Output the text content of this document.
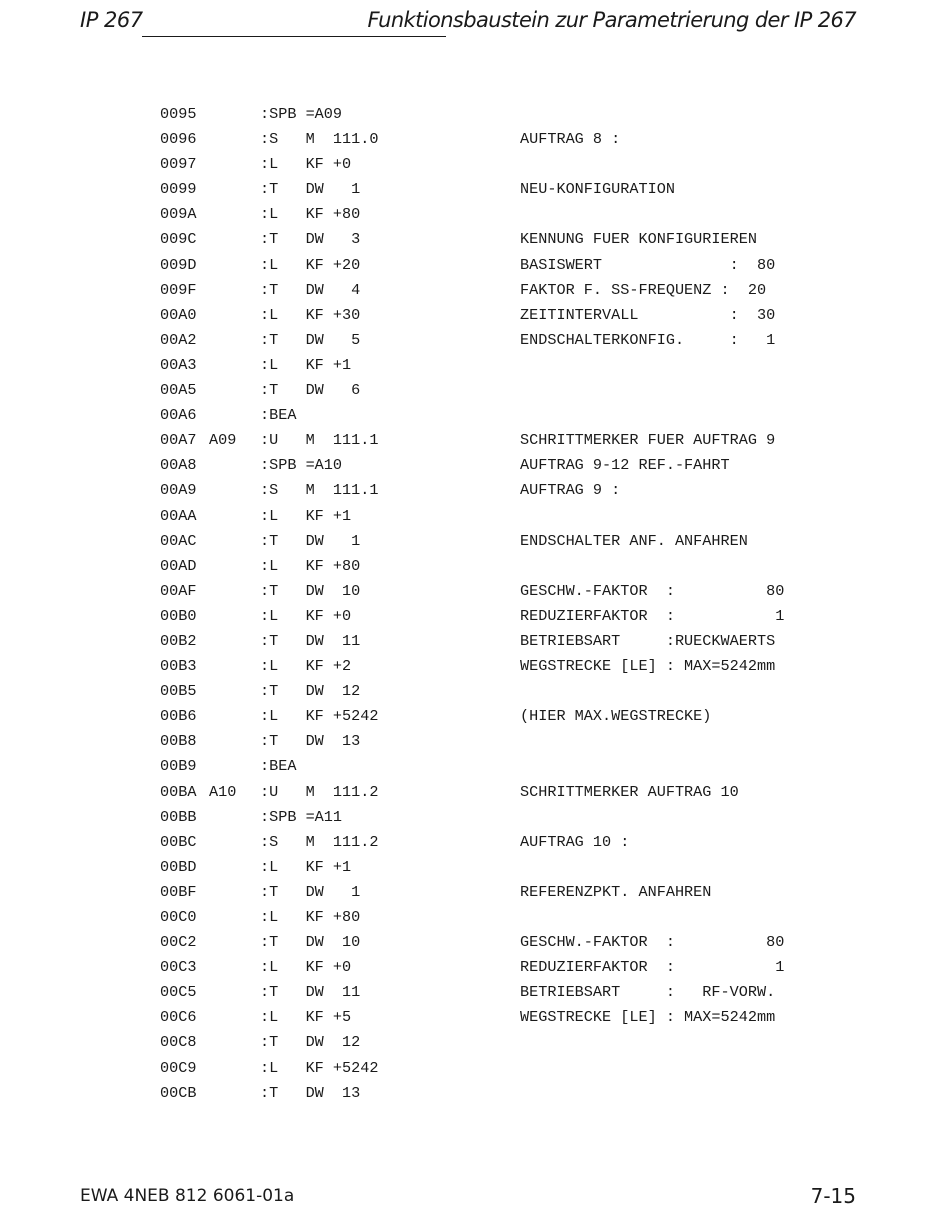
IP 267	Funktionsbaustein zur Parametrierung der IP 267
0095	:SPB =A09
0096	:S   M  111.0	AUFTRAG 8 :
0097	:L   KF +0
0099	:T   DW   1	NEU-KONFIGURATION
009A	:L   KF +80
009C	:T   DW   3	KENNUNG FUER KONFIGURIEREN
009D	:L   KF +20	BASISWERT              :  80
009F	:T   DW   4	FAKTOR F. SS-FREQUENZ :  20
00A0	:L   KF +30	ZEITINTERVALL          :  30
00A2	:T   DW   5	ENDSCHALTERKONFIG.     :   1
00A3	:L   KF +1
00A5	:T   DW   6
00A6	:BEA
00A7 A09 :U   M  111.1	SCHRITTMERKER FUER AUFTRAG 9
00A8	:SPB =A10	AUFTRAG 9-12 REF.-FAHRT
00A9	:S   M  111.1	AUFTRAG 9 :
00AA	:L   KF +1
00AC	:T   DW   1	ENDSCHALTER ANF. ANFAHREN
00AD	:L   KF +80
00AF	:T   DW  10	GESCHW.-FAKTOR  :          80
00B0	:L   KF +0	REDUZIERFAKTOR  :           1
00B2	:T   DW  11	BETRIEBSART     :RUECKWAERTS
00B3	:L   KF +2	WEGSTRECKE [LE] : MAX=5242mm
00B5	:T   DW  12
00B6	:L   KF +5242	(HIER MAX.WEGSTRECKE)
00B8	:T   DW  13
00B9	:BEA
00BA A10 :U   M  111.2	SCHRITTMERKER AUFTRAG 10
00BB	:SPB =A11
00BC	:S   M  111.2	AUFTRAG 10 :
00BD	:L   KF +1
00BF	:T   DW   1	REFERENZPKT. ANFAHREN
00C0	:L   KF +80
00C2	:T   DW  10	GESCHW.-FAKTOR  :          80
00C3	:L   KF +0	REDUZIERFAKTOR  :           1
00C5	:T   DW  11	BETRIEBSART     :   RF-VORW.
00C6	:L   KF +5	WEGSTRECKE [LE] : MAX=5242mm
00C8	:T   DW  12
00C9	:L   KF +5242
00CB	:T   DW  13
EWA 4NEB 812 6061-01a	7-15
